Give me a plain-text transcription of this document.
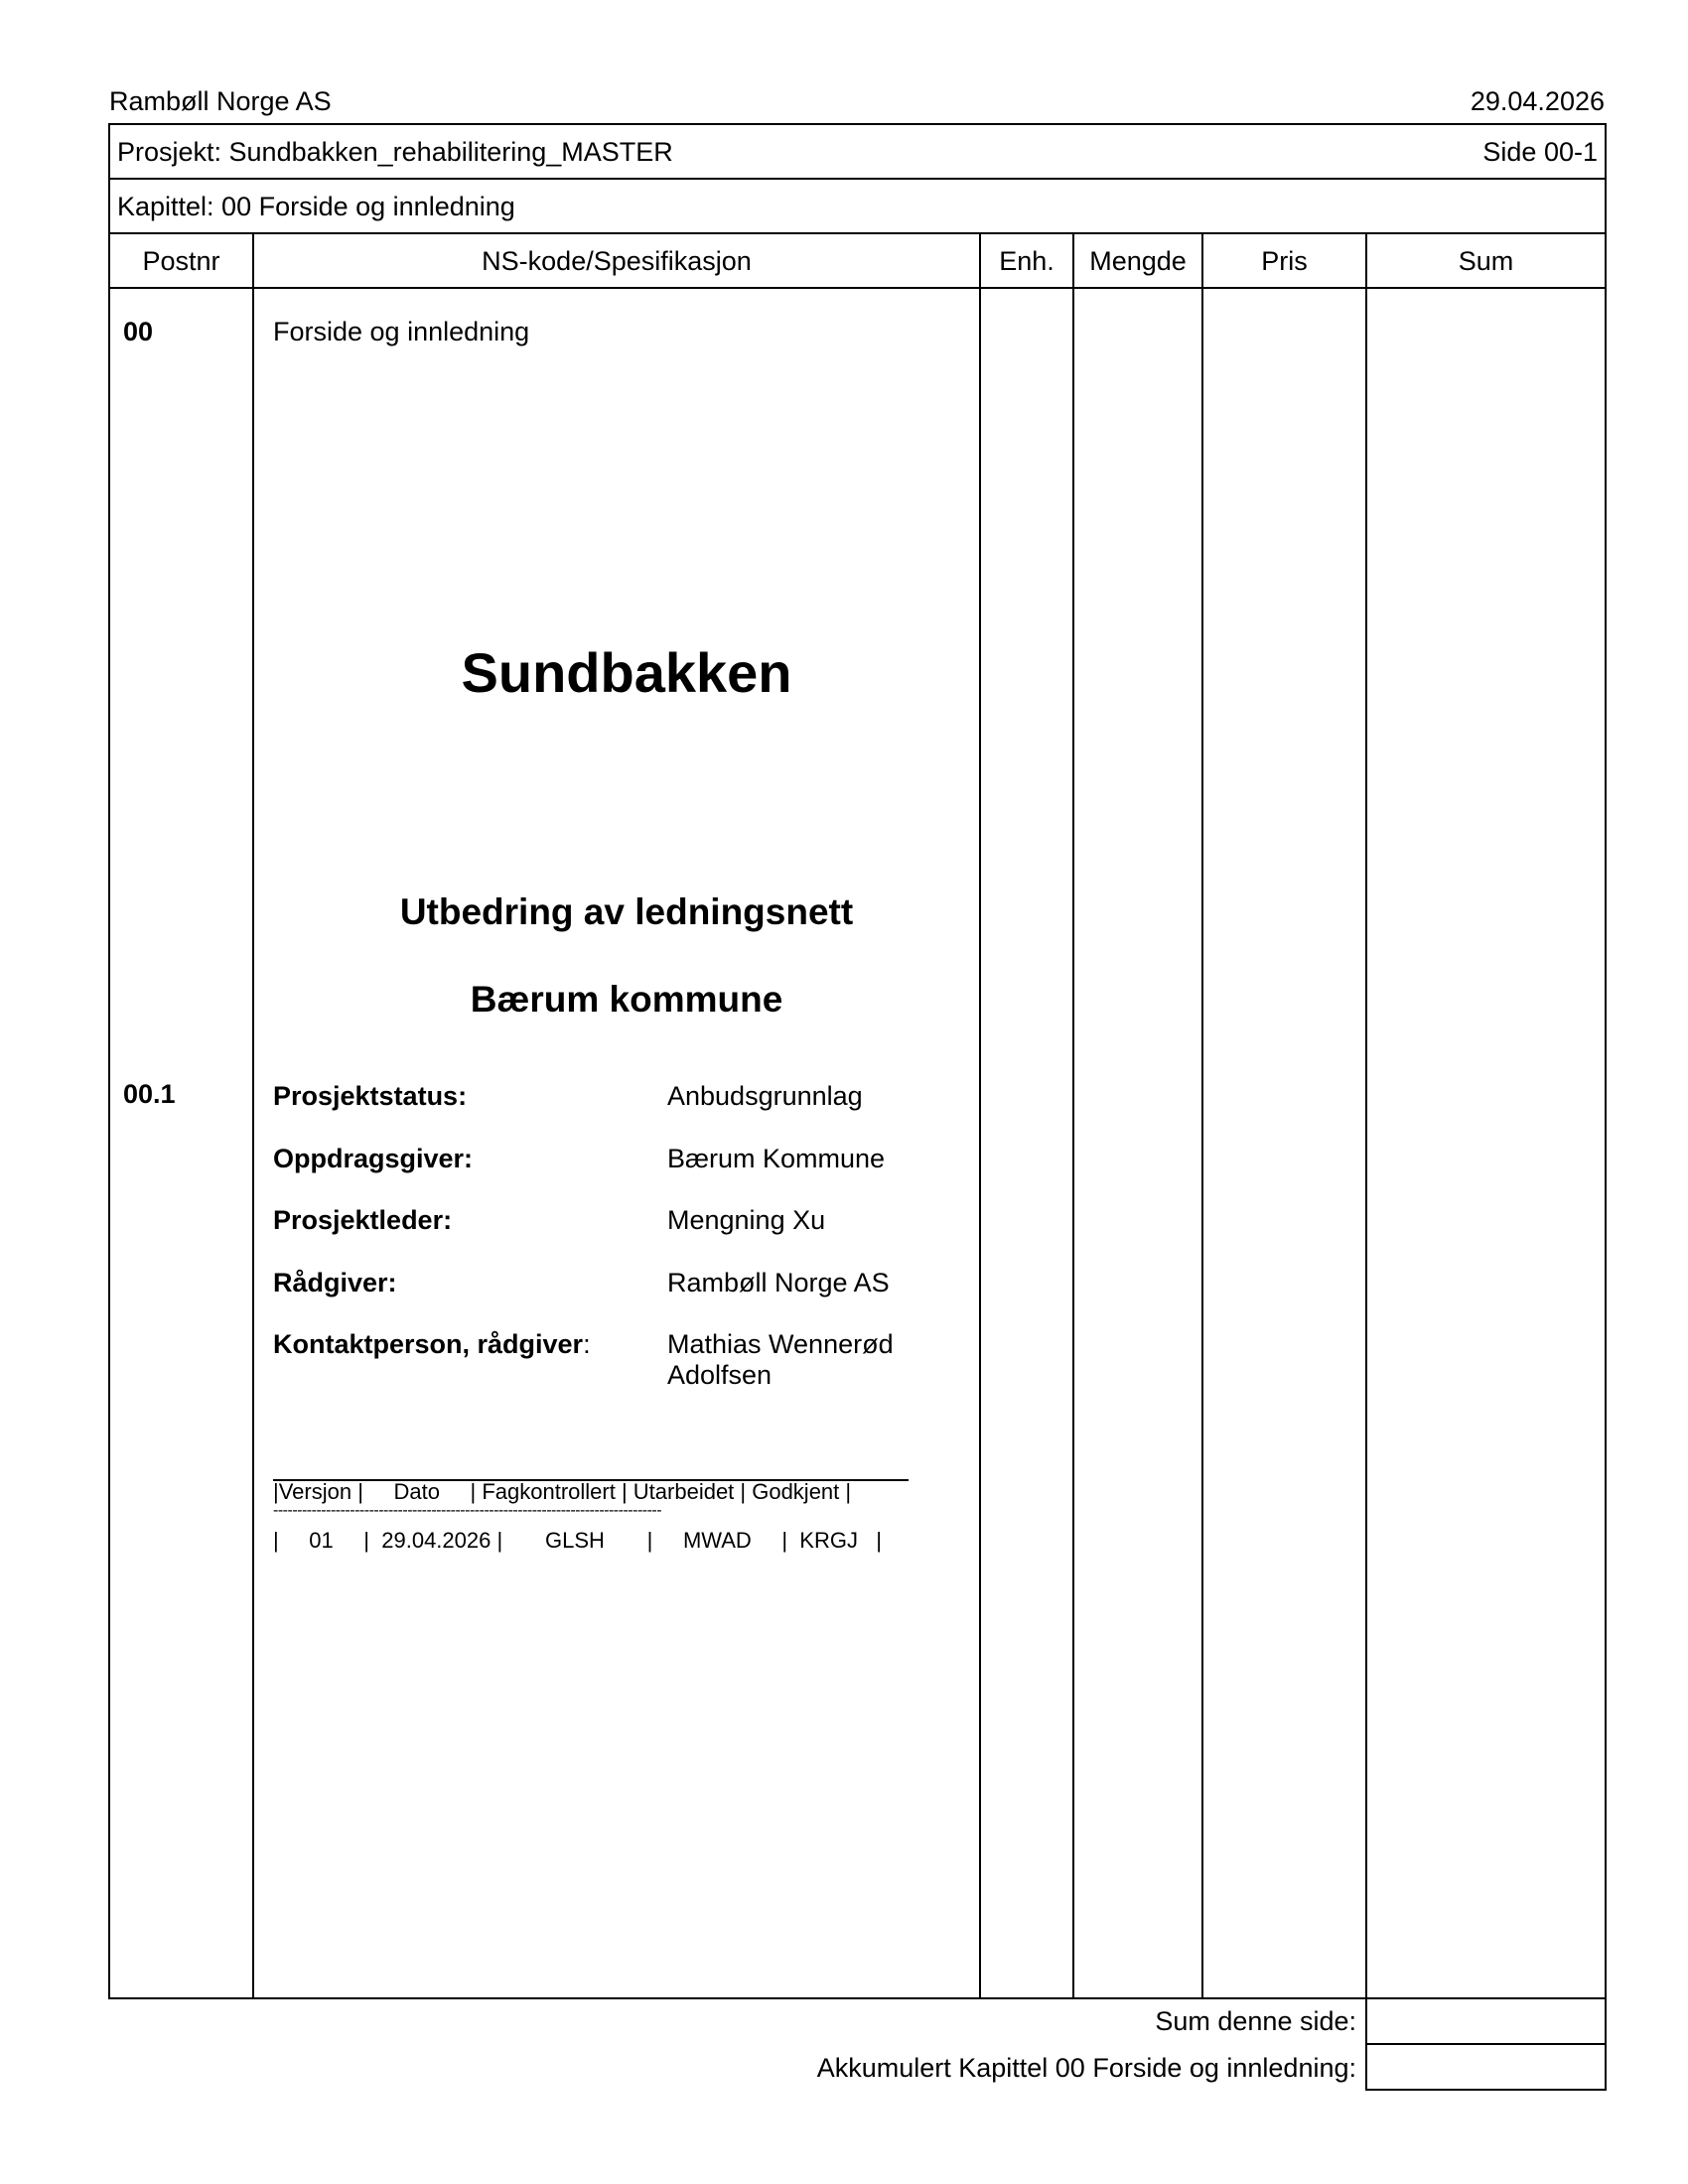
Rambøll Norge AS	29.04.2026
Prosjekt: Sundbakken_rehabilitering_MASTER	Side 00-1
Kapittel: 00 Forside og innledning
Postnr	NS-kode/Spesifikasjon	Enh.	Mengde	Pris	Sum
00	Forside og innledning
Sundbakken
Utbedring av ledningsnett
Bærum kommune
00.1	Prosjektstatus:	Anbudsgrunnlag
Oppdragsgiver:	Bærum Kommune
Prosjektleder:	Mengning Xu
Rådgiver:	Rambøll Norge AS
Kontaktperson, rådgiver:	Mathias Wennerød
Adolfsen
|Versjon |     Dato     | Fagkontrollert | Utarbeidet | Godkjent |
---------------------------------------------------------------------------------
|     01     |  29.04.2026 |       GLSH       |     MWAD     |  KRGJ   |
Sum denne side:
Akkumulert Kapittel 00 Forside og innledning:
